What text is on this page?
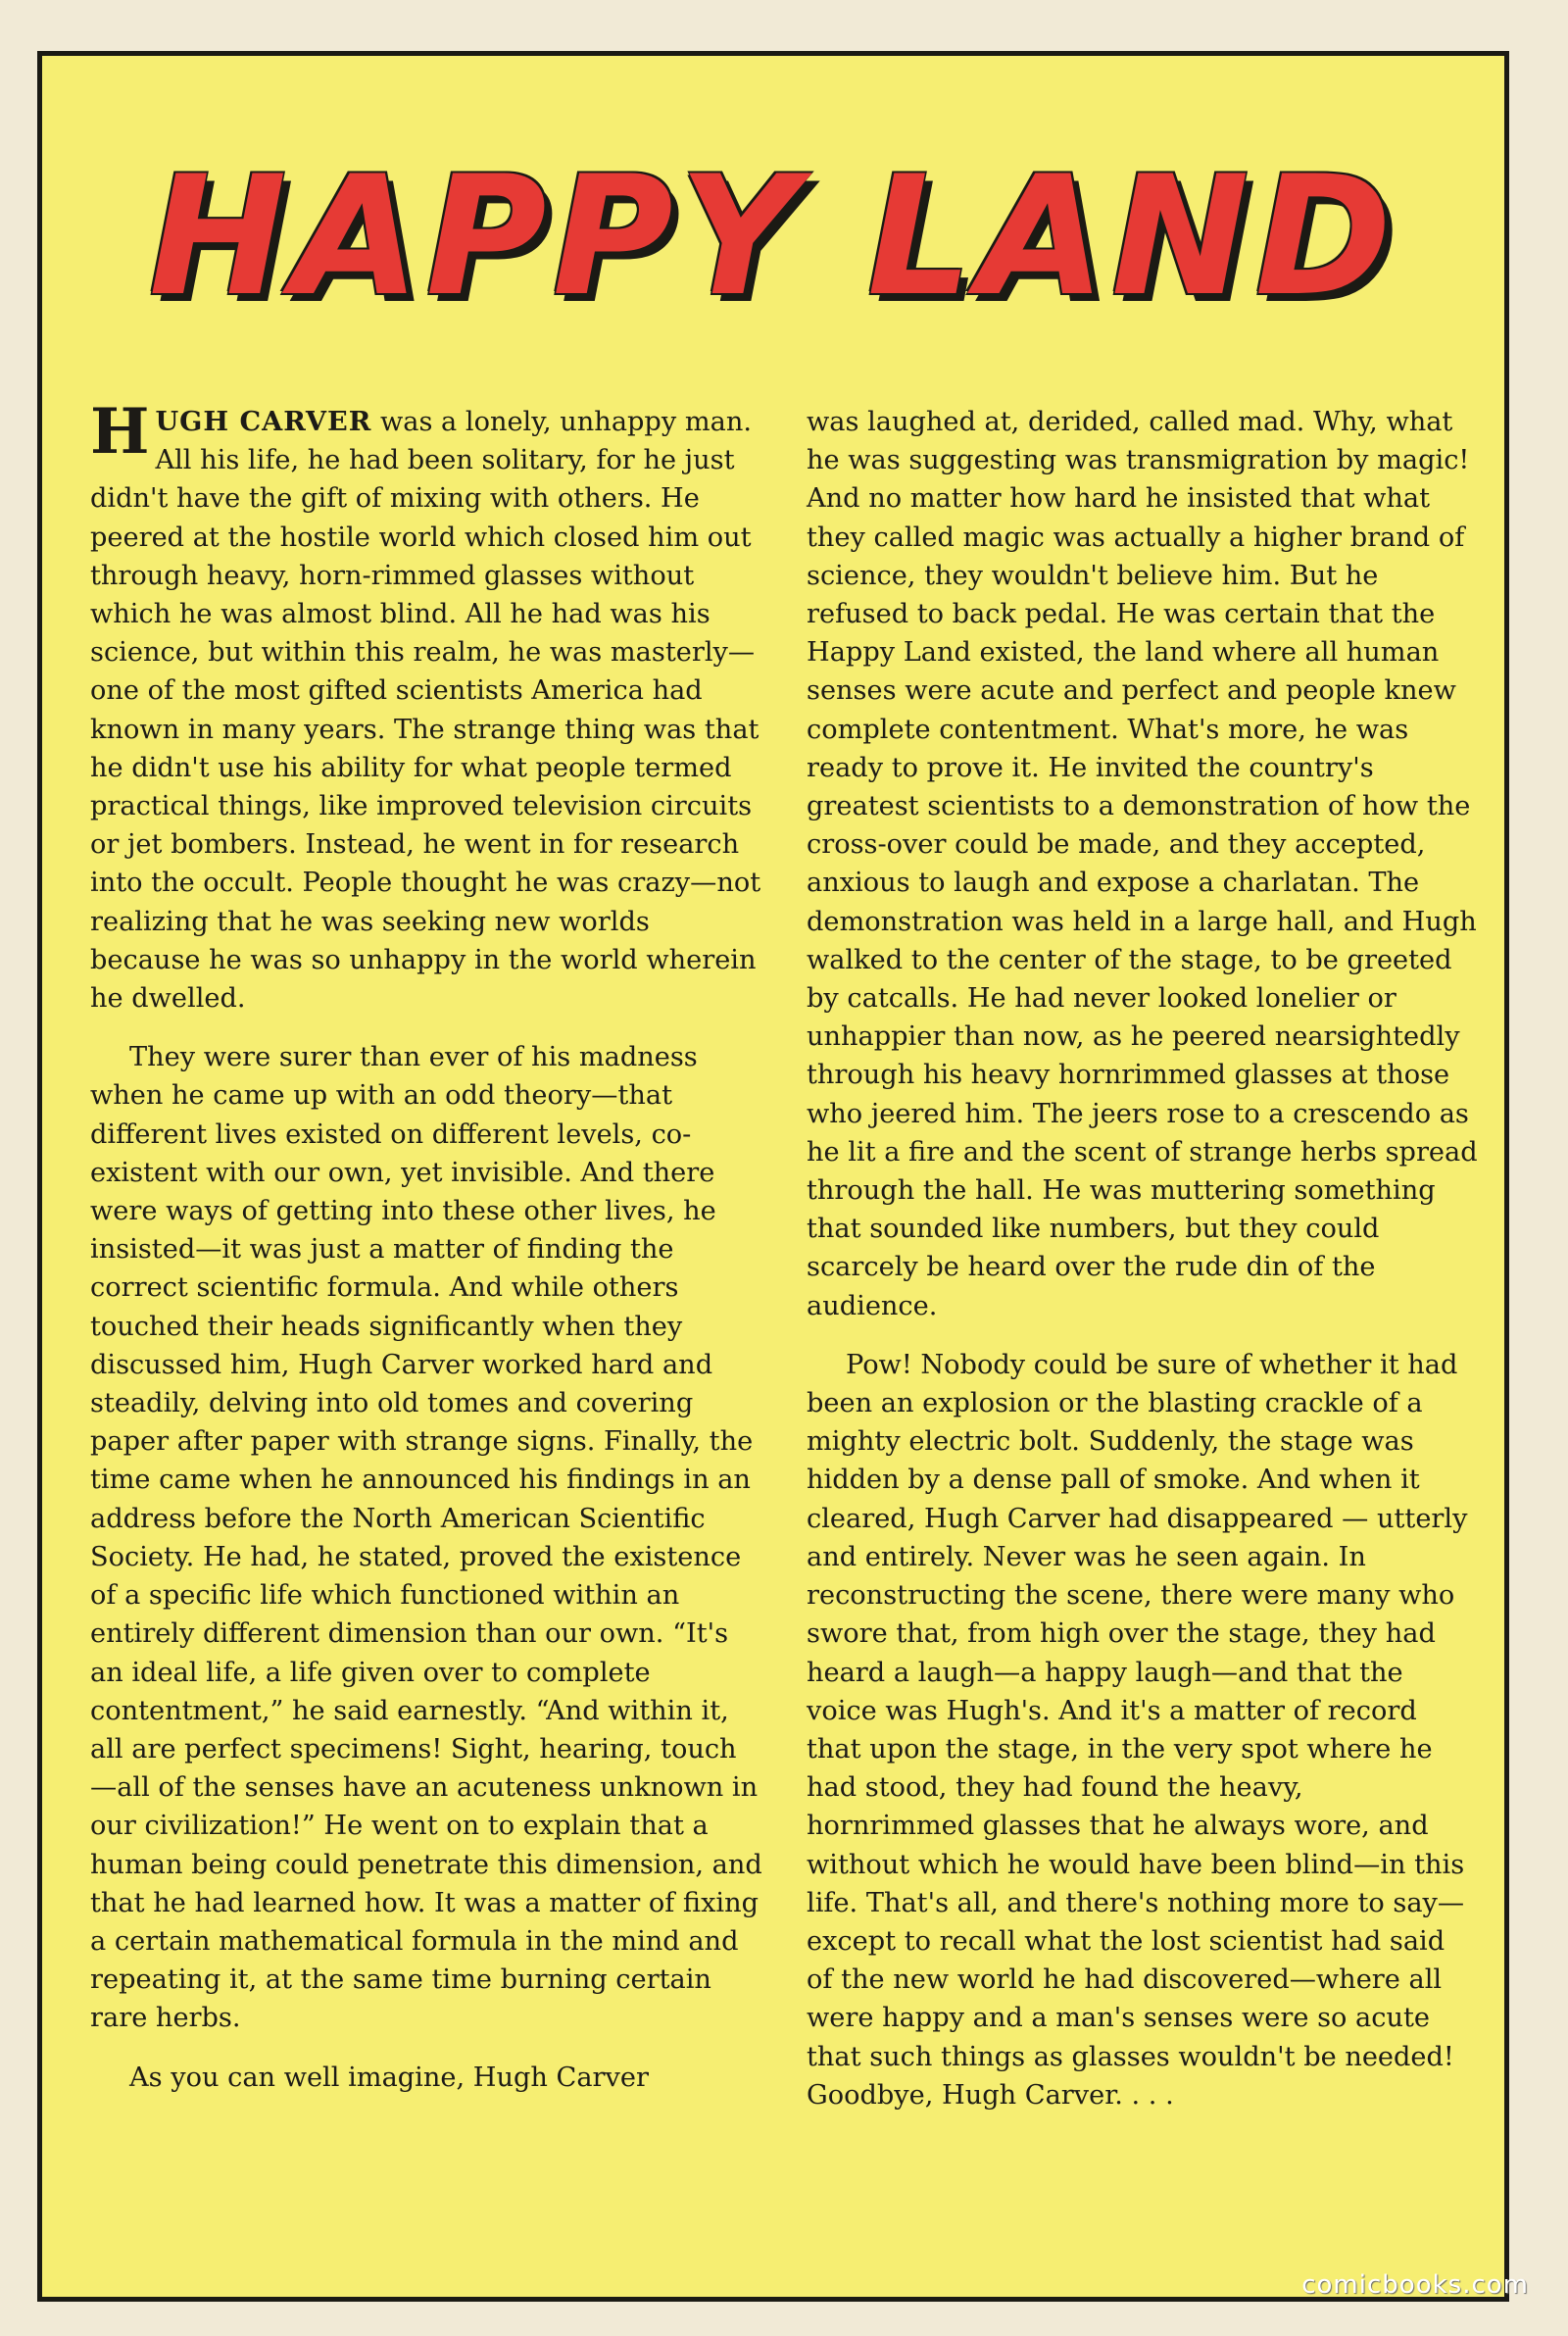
HAPPY LAND

HUGH CARVER was a lonely, unhappy man. All his life, he had been solitary, for he just didn't have the gift of mixing with others. He peered at the hostile world which closed him out through heavy, horn-rimmed glasses without which he was almost blind. All he had was his science, but within this realm, he was masterly—one of the most gifted scientists America had known in many years. The strange thing was that he didn't use his ability for what people termed practical things, like improved television circuits or jet bombers. Instead, he went in for research into the occult. People thought he was crazy—not realizing that he was seeking new worlds because he was so unhappy in the world wherein he dwelled.

They were surer than ever of his madness when he came up with an odd theory—that different lives existed on different levels, co-existent with our own, yet invisible. And there were ways of getting into these other lives, he insisted—it was just a matter of finding the correct scientific formula. And while others touched their heads significantly when they discussed him, Hugh Carver worked hard and steadily, delving into old tomes and covering paper after paper with strange signs. Finally, the time came when he announced his findings in an address before the North American Scientific Society. He had, he stated, proved the existence of a specific life which functioned within an entirely different dimension than our own. “It's an ideal life, a life given over to complete contentment,” he said earnestly. “And within it, all are perfect specimens! Sight, hearing, touch—all of the senses have an acuteness unknown in our civilization!” He went on to explain that a human being could penetrate this dimension, and that he had learned how. It was a matter of fixing a certain mathematical formula in the mind and repeating it, at the same time burning certain rare herbs.

As you can well imagine, Hugh Carver

was laughed at, derided, called mad. Why, what he was suggesting was transmigration by magic! And no matter how hard he insisted that what they called magic was actually a higher brand of science, they wouldn't believe him. But he refused to back pedal. He was certain that the Happy Land existed, the land where all human senses were acute and perfect and people knew complete contentment. What's more, he was ready to prove it. He invited the country's greatest scientists to a demonstration of how the cross-over could be made, and they accepted, anxious to laugh and expose a charlatan. The demonstration was held in a large hall, and Hugh walked to the center of the stage, to be greeted by catcalls. He had never looked lonelier or unhappier than now, as he peered nearsightedly through his heavy hornrimmed glasses at those who jeered him. The jeers rose to a crescendo as he lit a fire and the scent of strange herbs spread through the hall. He was muttering something that sounded like numbers, but they could scarcely be heard over the rude din of the audience.

Pow! Nobody could be sure of whether it had been an explosion or the blasting crackle of a mighty electric bolt. Suddenly, the stage was hidden by a dense pall of smoke. And when it cleared, Hugh Carver had disappeared — utterly and entirely. Never was he seen again. In reconstructing the scene, there were many who swore that, from high over the stage, they had heard a laugh—a happy laugh—and that the voice was Hugh's. And it's a matter of record that upon the stage, in the very spot where he had stood, they had found the heavy, hornrimmed glasses that he always wore, and without which he would have been blind—in this life. That's all, and there's nothing more to say—except to recall what the lost scientist had said of the new world he had discovered—where all were happy and a man's senses were so acute that such things as glasses wouldn't be needed! Goodbye, Hugh Carver. . . .

comicbooks.com
